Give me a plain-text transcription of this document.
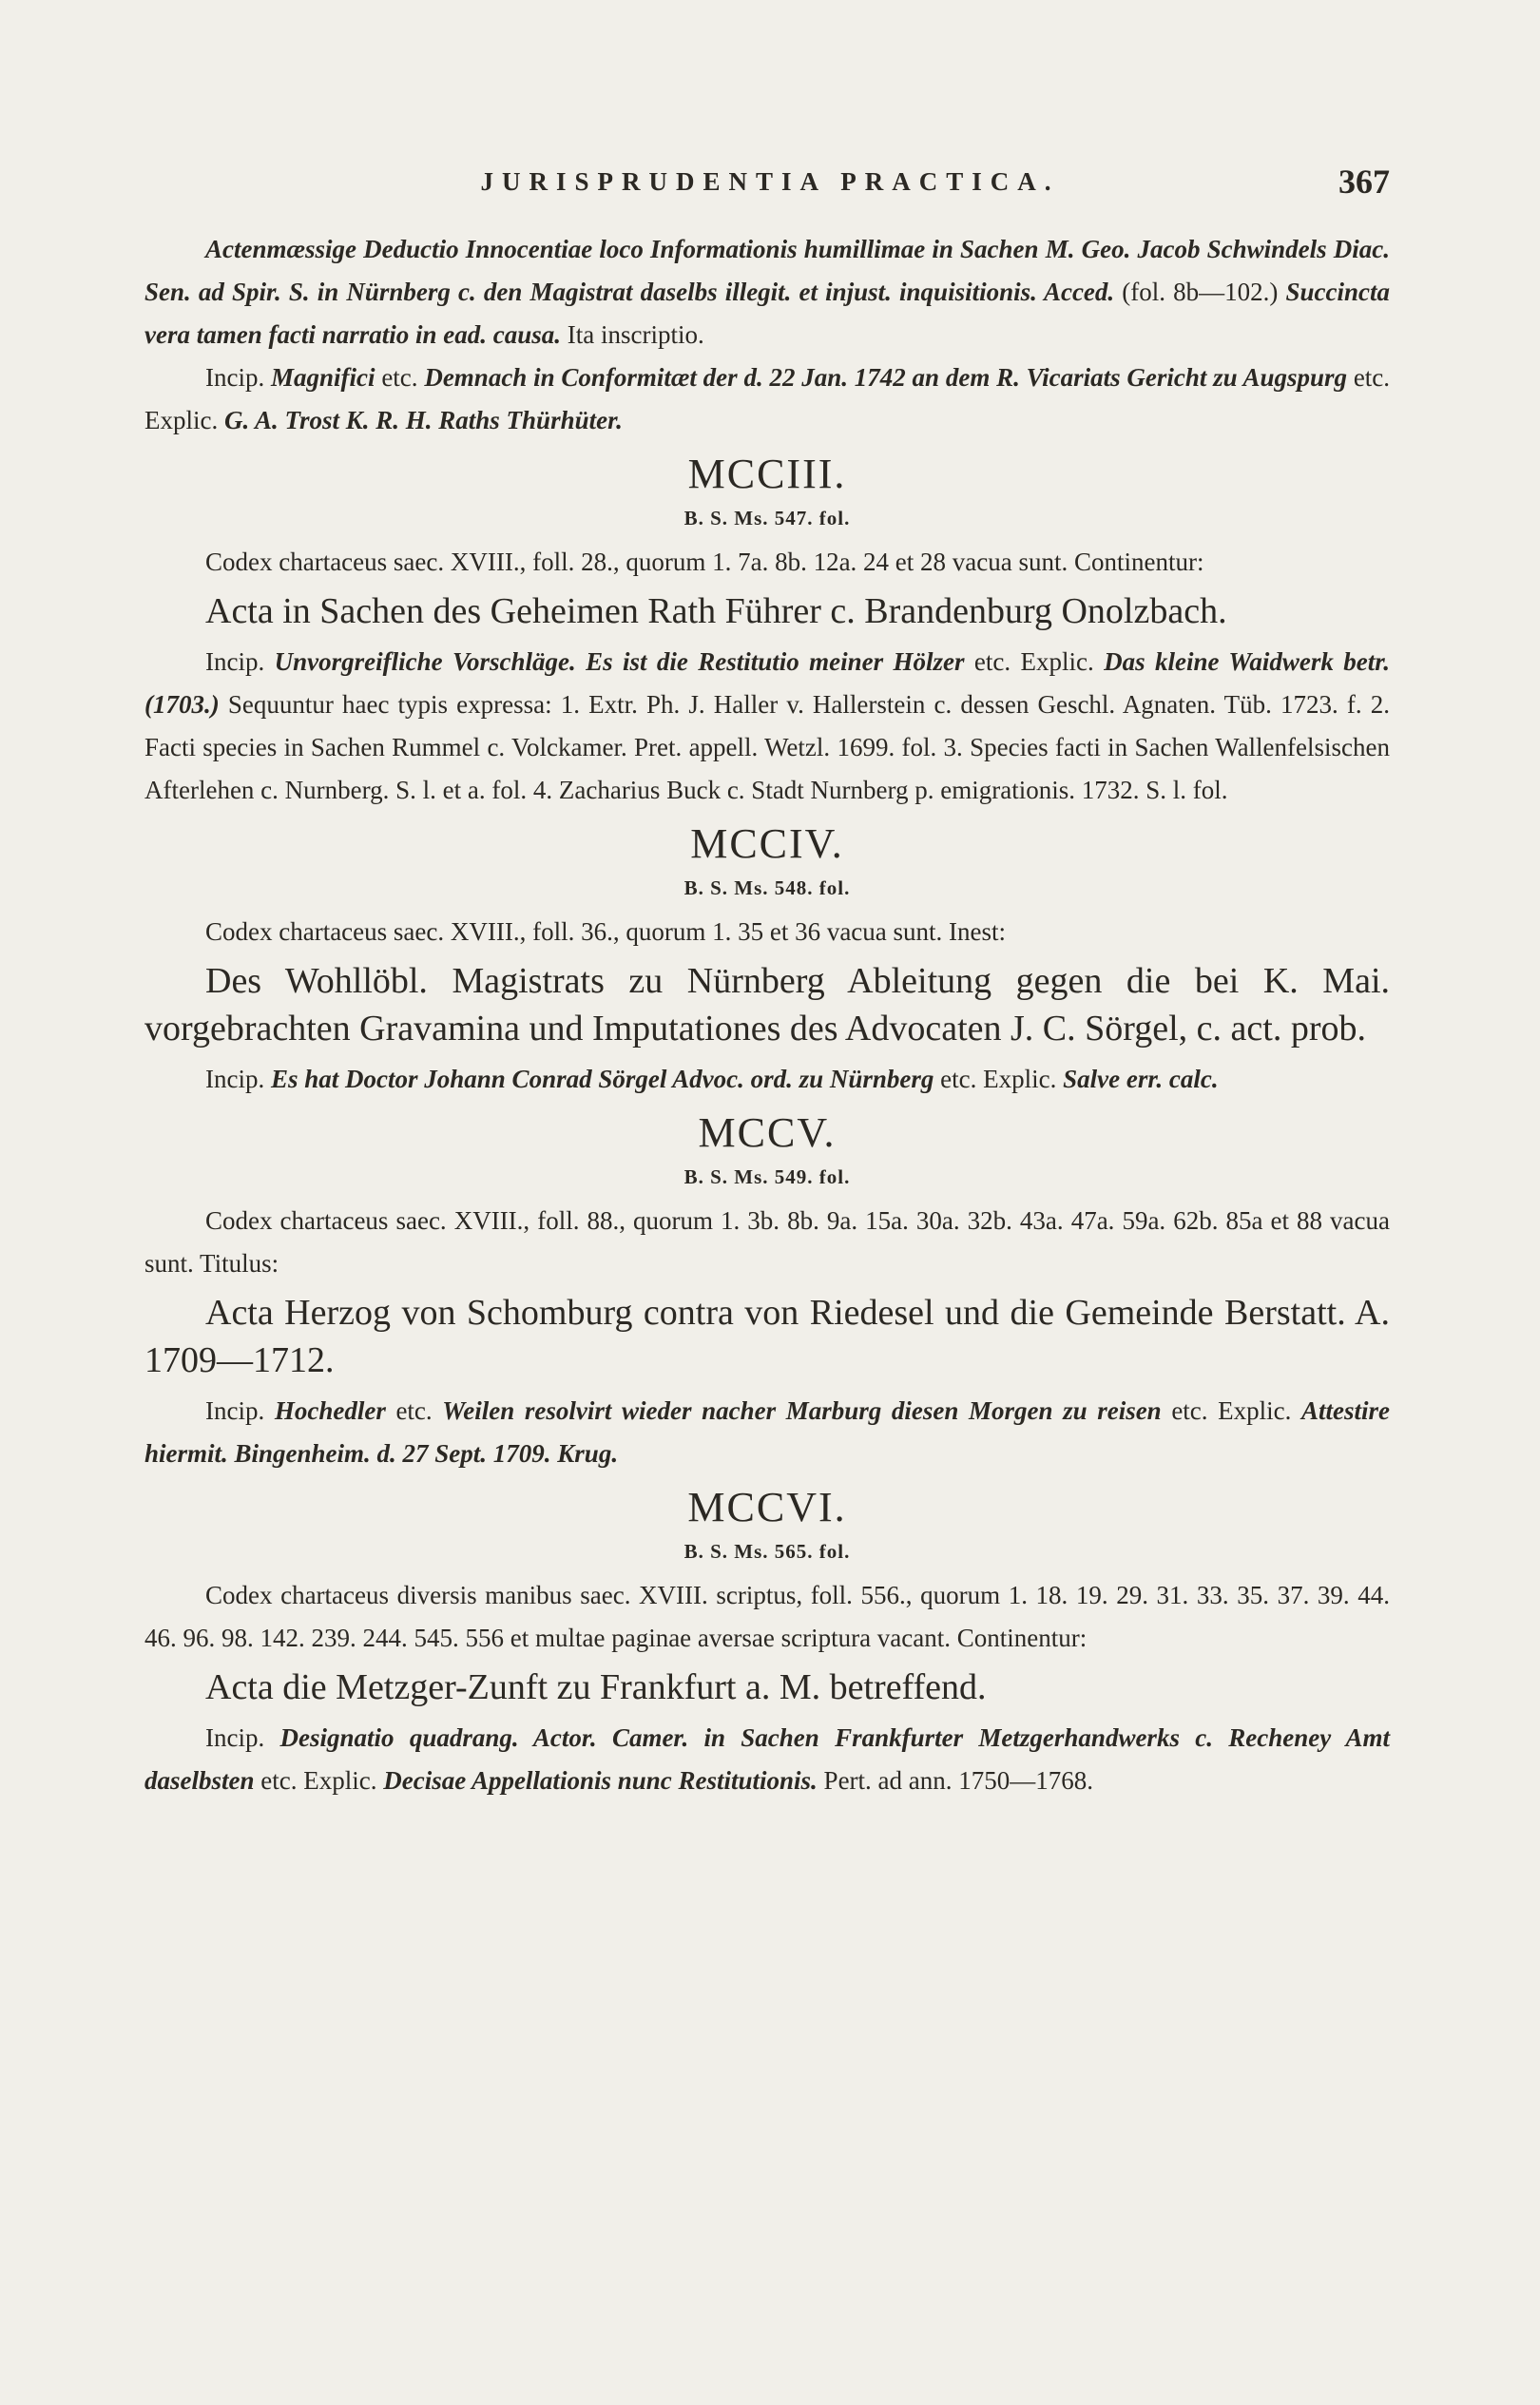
JURISPRUDENTIA PRACTICA.	367

Actenmæssige Deductio Innocentiae loco Informationis humillimae in Sachen M. Geo. Jacob Schwindels Diac. Sen. ad Spir. S. in Nürnberg c. den Magistrat daselbs illegit. et injust. inquisitionis. Acced. (fol. 8b—102.) Succincta vera tamen facti narratio in ead. causa. Ita inscriptio.

Incip. Magnifici etc. Demnach in Conformitæt der d. 22 Jan. 1742 an dem R. Vicariats Gericht zu Augspurg etc. Explic. G. A. Trost K. R. H. Raths Thürhüter.

MCCIII.

B. S. Ms. 547. fol.

Codex chartaceus saec. XVIII., foll. 28., quorum 1. 7a. 8b. 12a. 24 et 28 vacua sunt. Continentur:

Acta in Sachen des Geheimen Rath Führer c. Brandenburg Onolzbach.

Incip. Unvorgreifliche Vorschläge. Es ist die Restitutio meiner Hölzer etc. Explic. Das kleine Waidwerk betr. (1703.) Sequuntur haec typis expressa: 1. Extr. Ph. J. Haller v. Hallerstein c. dessen Geschl. Agnaten. Tüb. 1723. f. 2. Facti species in Sachen Rummel c. Volckamer. Pret. appell. Wetzl. 1699. fol. 3. Species facti in Sachen Wallenfelsischen Afterlehen c. Nurnberg. S. l. et a. fol. 4. Zacharius Buck c. Stadt Nurnberg p. emigrationis. 1732. S. l. fol.

MCCIV.

B. S. Ms. 548. fol.

Codex chartaceus saec. XVIII., foll. 36., quorum 1. 35 et 36 vacua sunt. Inest:

Des Wohllöbl. Magistrats zu Nürnberg Ableitung gegen die bei K. Mai. vorgebrachten Gravamina und Imputationes des Advocaten J. C. Sörgel, c. act. prob.

Incip. Es hat Doctor Johann Conrad Sörgel Advoc. ord. zu Nürnberg etc. Explic. Salve err. calc.

MCCV.

B. S. Ms. 549. fol.

Codex chartaceus saec. XVIII., foll. 88., quorum 1. 3b. 8b. 9a. 15a. 30a. 32b. 43a. 47a. 59a. 62b. 85a et 88 vacua sunt. Titulus:

Acta Herzog von Schomburg contra von Riedesel und die Gemeinde Berstatt. A. 1709—1712.

Incip. Hochedler etc. Weilen resolvirt wieder nacher Marburg diesen Morgen zu reisen etc. Explic. Attestire hiermit. Bingenheim. d. 27 Sept. 1709. Krug.

MCCVI.

B. S. Ms. 565. fol.

Codex chartaceus diversis manibus saec. XVIII. scriptus, foll. 556., quorum 1. 18. 19. 29. 31. 33. 35. 37. 39. 44. 46. 96. 98. 142. 239. 244. 545. 556 et multae paginae aversae scriptura vacant. Continentur:

Acta die Metzger-Zunft zu Frankfurt a. M. betreffend.

Incip. Designatio quadrang. Actor. Camer. in Sachen Frankfurter Metzgerhandwerks c. Recheney Amt daselbsten etc. Explic. Decisae Appellationis nunc Restitutionis. Pert. ad ann. 1750—1768.
